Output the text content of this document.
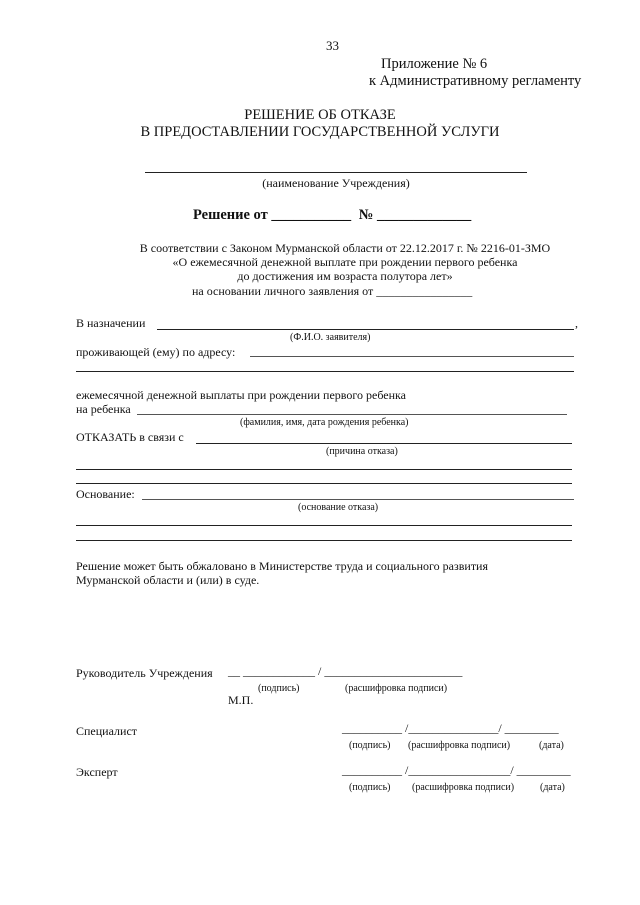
33
Приложение № 6
к Административному регламенту
РЕШЕНИЕ ОБ ОТКАЗЕ
В ПРЕДОСТАВЛЕНИИ ГОСУДАРСТВЕННОЙ УСЛУГИ
(наименование Учреждения)
Решение от ___________ № _____________
В соответствии с Законом Мурманской области от 22.12.2017 г. № 2216-01-ЗМО
«О ежемесячной денежной выплате при рождении первого ребенка
до достижения им возраста полутора лет»
на основании личного заявления от ________________
В назначении	,
(Ф.И.О. заявителя)
проживающей (ему) по адресу:
ежемесячной денежной выплаты при рождении первого ребенка
на ребенка
(фамилия, имя, дата рождения ребенка)
ОТКАЗАТЬ в связи с
(причина отказа)
Основание:
(основание отказа)
Решение может быть обжаловано в Министерстве труда и социального развития
Мурманской области и (или) в суде.
Руководитель Учреждения __ ____________ / _______________________
(подпись)	(расшифровка подписи)
М.П.
Специалист	__________ /_______________/ _________
(подпись) (расшифровка подписи)	(дата)
Эксперт	__________ /_________________/ _________
(подпись) (расшифровка подписи)	(дата)
